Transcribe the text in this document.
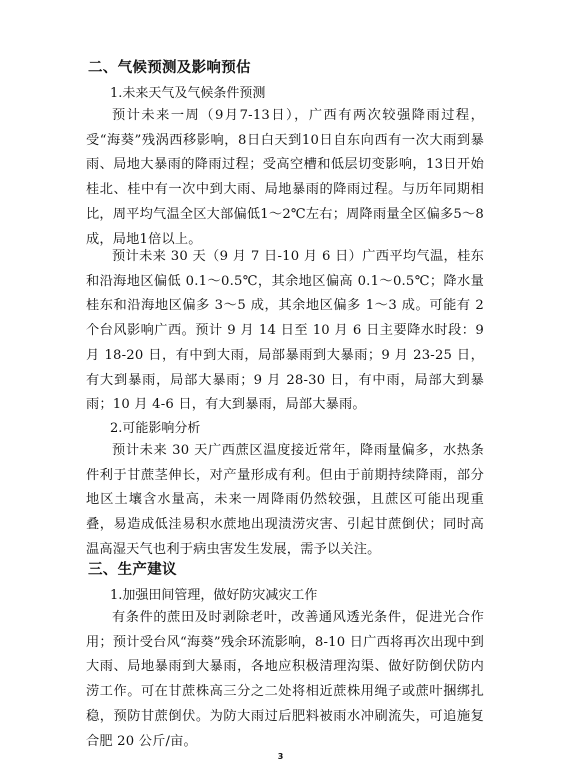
二、气候预测及影响预估
1.未来天气及气候条件预测

预计未来一周（9月7-13日），广西有两次较强降雨过程，受“海葵”残涡西移影响，8日白天到10日自东向西有一次大雨到暴雨、局地大暴雨的降雨过程；受高空槽和低层切变影响，13日开始桂北、桂中有一次中到大雨、局地暴雨的降雨过程。与历年同期相比，周平均气温全区大部偏低1～2℃左右；周降雨量全区偏多5～8成，局地1倍以上。

预计未来 30 天（9 月 7 日-10 月 6 日）广西平均气温，桂东和沿海地区偏低 0.1～0.5℃，其余地区偏高 0.1～0.5℃；降水量桂东和沿海地区偏多 3～5 成，其余地区偏多 1～3 成。可能有 2 个台风影响广西。预计 9 月 14 日至 10 月 6 日主要降水时段：9 月 18-20 日，有中到大雨，局部暴雨到大暴雨；9 月 23-25 日，有大到暴雨，局部大暴雨；9 月 28-30 日，有中雨，局部大到暴雨；10 月 4-6 日，有大到暴雨，局部大暴雨。

2.可能影响分析

预计未来 30 天广西蔗区温度接近常年，降雨量偏多，水热条件利于甘蔗茎伸长，对产量形成有利。但由于前期持续降雨，部分地区土壤含水量高，未来一周降雨仍然较强，且蔗区可能出现重叠，易造成低洼易积水蔗地出现渍涝灾害、引起甘蔗倒伏；同时高温高湿天气也利于病虫害发生发展，需予以关注。

三、生产建议
1.加强田间管理，做好防灾减灾工作

有条件的蔗田及时剥除老叶，改善通风透光条件，促进光合作用；预计受台风“海葵”残余环流影响，8-10 日广西将再次出现中到大雨、局地暴雨到大暴雨，各地应积极清理沟渠、做好防倒伏防内涝工作。可在甘蔗株高三分之二处将相近蔗株用绳子或蔗叶捆绑扎稳，预防甘蔗倒伏。为防大雨过后肥料被雨水冲刷流失，可追施复合肥 20 公斤/亩。

3
